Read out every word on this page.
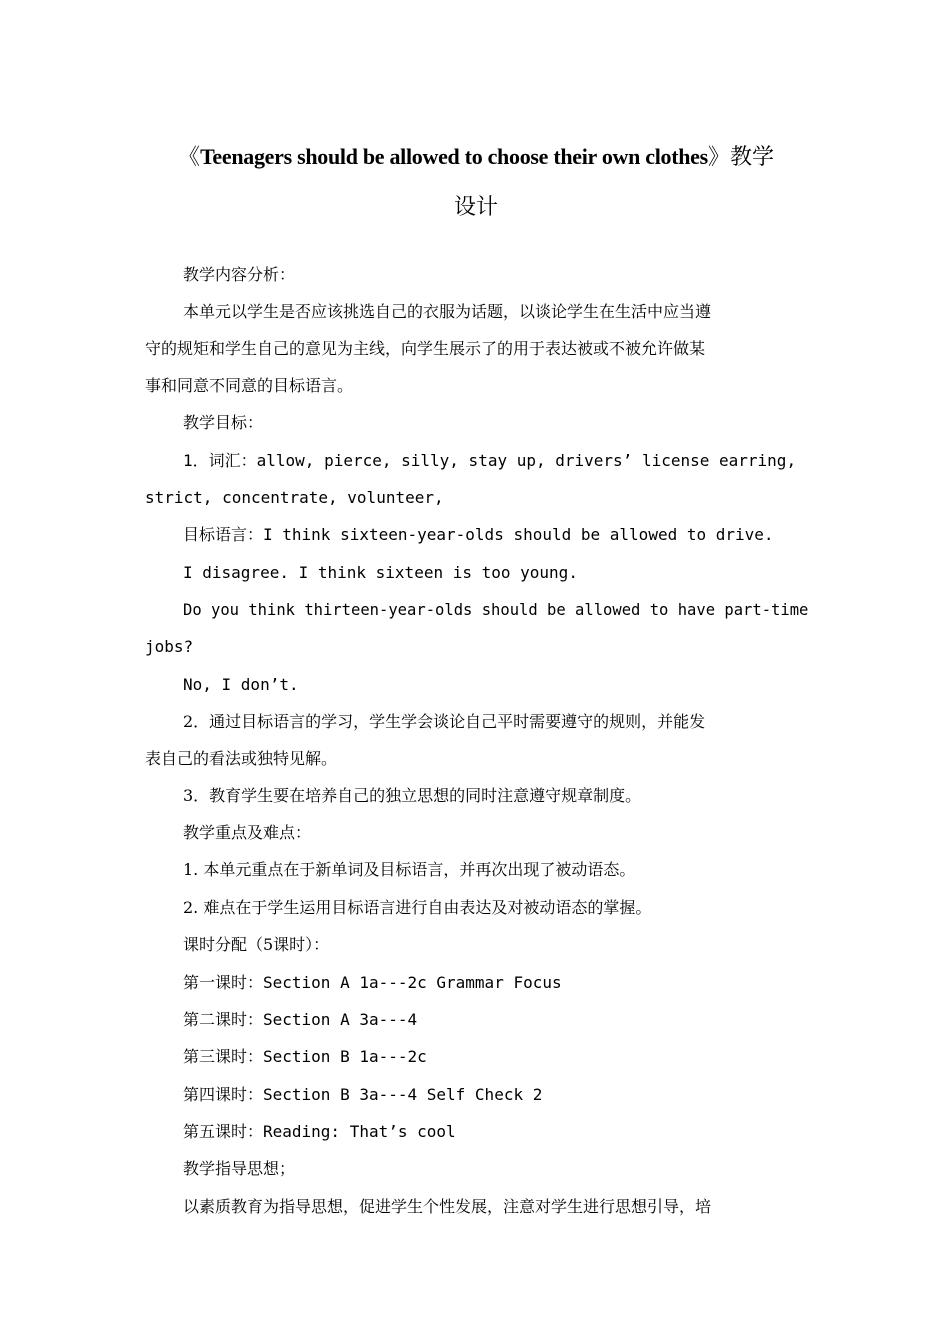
《Teenagers should be allowed to choose their own clothes》教学
设计
教学内容分析：
本单元以学生是否应该挑选自己的衣服为话题，以谈论学生在生活中应当遵
守的规矩和学生自己的意见为主线，向学生展示了的用于表达被或不被允许做某
事和同意不同意的目标语言。
教学目标：
1．词汇：allow, pierce, silly, stay up, drivers’ license earring,
strict, concentrate, volunteer,
目标语言：I think sixteen-year-olds should be allowed to drive.
I disagree. I think sixteen is too young.
Do you think thirteen-year-olds should be allowed to have part-time
jobs?
No, I don’t.
2．通过目标语言的学习，学生学会谈论自己平时需要遵守的规则，并能发
表自己的看法或独特见解。
3．教育学生要在培养自己的独立思想的同时注意遵守规章制度。
教学重点及难点：
1. 本单元重点在于新单词及目标语言，并再次出现了被动语态。
2. 难点在于学生运用目标语言进行自由表达及对被动语态的掌握。
课时分配（5课时）：
第一课时：Section A 1a---2c Grammar Focus
第二课时：Section A 3a---4
第三课时：Section B 1a---2c
第四课时：Section B 3a---4 Self Check 2
第五课时：Reading: That’s cool
教学指导思想；
以素质教育为指导思想，促进学生个性发展，注意对学生进行思想引导，培
